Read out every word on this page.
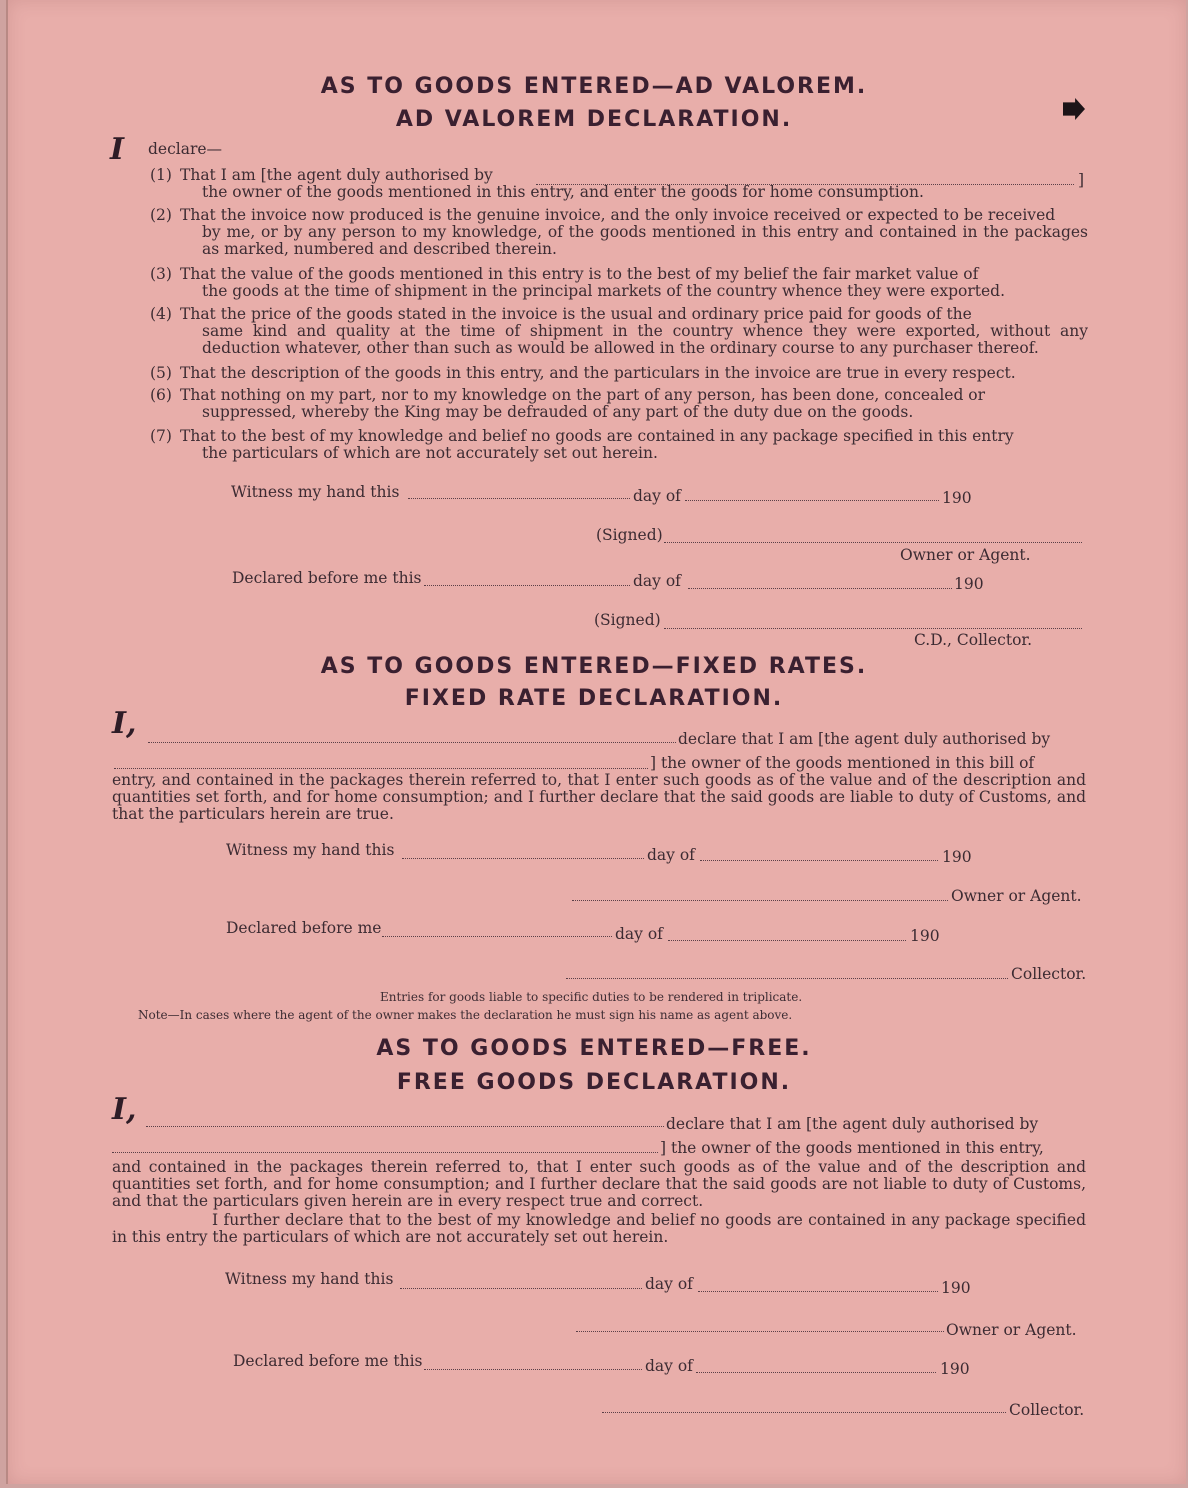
AS TO GOODS ENTERED—AD VALOREM.
AD VALOREM DECLARATION.
I declare—
(1) That I am [the agent duly authorised by
the owner of the goods mentioned in this entry, and enter the goods for home consumption.
]
(2) That the invoice now produced is the genuine invoice, and the only invoice received or expected to be received
by me, or by any person to my knowledge, of the goods mentioned in this entry and contained in the packages as marked, numbered and described therein.
(3) That the value of the goods mentioned in this entry is to the best of my belief the fair market value of
the goods at the time of shipment in the principal markets of the country whence they were exported.
(4) That the price of the goods stated in the invoice is the usual and ordinary price paid for goods of the
same kind and quality at the time of shipment in the country whence they were exported, without any deduction whatever, other than such as would be allowed in the ordinary course to any purchaser thereof.
(5) That the description of the goods in this entry, and the particulars in the invoice are true in every respect.
(6) That nothing on my part, nor to my knowledge on the part of any person, has been done, concealed or
suppressed, whereby the King may be defrauded of any part of the duty due on the goods.
(7) That to the best of my knowledge and belief no goods are contained in any package specified in this entry
the particulars of which are not accurately set out herein.
Witness my hand this	day of	190
(Signed)
Owner or Agent.
Declared before me this	day of	190
(Signed)
C.D., Collector.
AS TO GOODS ENTERED—FIXED RATES.
FIXED RATE DECLARATION.
I,	declare that I am [the agent duly authorised by
] the owner of the goods mentioned in this bill of
entry, and contained in the packages therein referred to, that I enter such goods as of the value and of the description and quantities set forth, and for home consumption; and I further declare that the said goods are liable to duty of Customs, and that the particulars herein are true.
Witness my hand this	day of	190
Owner or Agent.
Declared before me	day of	190
Collector.
Entries for goods liable to specific duties to be rendered in triplicate.
Note—In cases where the agent of the owner makes the declaration he must sign his name as agent above.
AS TO GOODS ENTERED—FREE.
FREE GOODS DECLARATION.
I,	declare that I am [the agent duly authorised by
] the owner of the goods mentioned in this entry,
and contained in the packages therein referred to, that I enter such goods as of the value and of the description and quantities set forth, and for home consumption; and I further declare that the said goods are not liable to duty of Customs, and that the particulars given herein are in every respect true and correct.
I further declare that to the best of my knowledge and belief no goods are contained in any package specified in this entry the particulars of which are not accurately set out herein.
Witness my hand this	day of	190
Owner or Agent.
Declared before me this	day of	190
Collector.
